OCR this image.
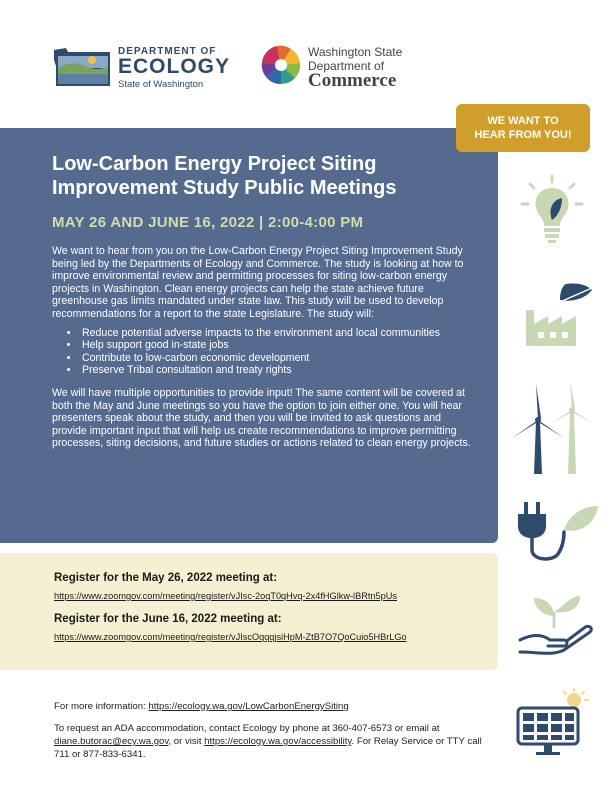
DEPARTMENT OF
ECOLOGY
State of Washington
Washington State
Department of
Commerce
Low-Carbon Energy Project Siting
Improvement Study Public Meetings
MAY 26 AND JUNE 16, 2022 | 2:00-4:00 PM

We want to hear from you on the Low-Carbon Energy Project Siting Improvement Study being led by the Departments of Ecology and Commerce. The study is looking at how to improve environmental review and permitting processes for siting low-carbon energy projects in Washington. Clean energy projects can help the state achieve future greenhouse gas limits mandated under state law. This study will be used to develop recommendations for a report to the state Legislature. The study will:

• Reduce potential adverse impacts to the environment and local communities
• Help support good in-state jobs
• Contribute to low-carbon economic development
• Preserve Tribal consultation and treaty rights

We will have multiple opportunities to provide input! The same content will be covered at both the May and June meetings so you have the option to join either one. You will hear presenters speak about the study, and then you will be invited to ask questions and provide important input that will help us create recommendations to improve permitting processes, siting decisions, and future studies or actions related to clean energy projects.

WE WANT TO
HEAR FROM YOU!
Register for the May 26, 2022 meeting at:
https://www.zoomgov.com/meeting/register/vJIsc-2oqT0qHvq-2x4fHGlkw-lBRtn5pUs
Register for the June 16, 2022 meeting at:
https://www.zoomgov.com/meeting/register/vJIscOqqqjsiHpM-ZtB7O7QoCuio5HBrLGo

For more information: https://ecology.wa.gov/LowCarbonEnergySiting

To request an ADA accommodation, contact Ecology by phone at 360-407-6573 or email at diane.butorac@ecy.wa.gov, or visit https://ecology.wa.gov/accessibility. For Relay Service or TTY call 711 or 877-833-6341.
